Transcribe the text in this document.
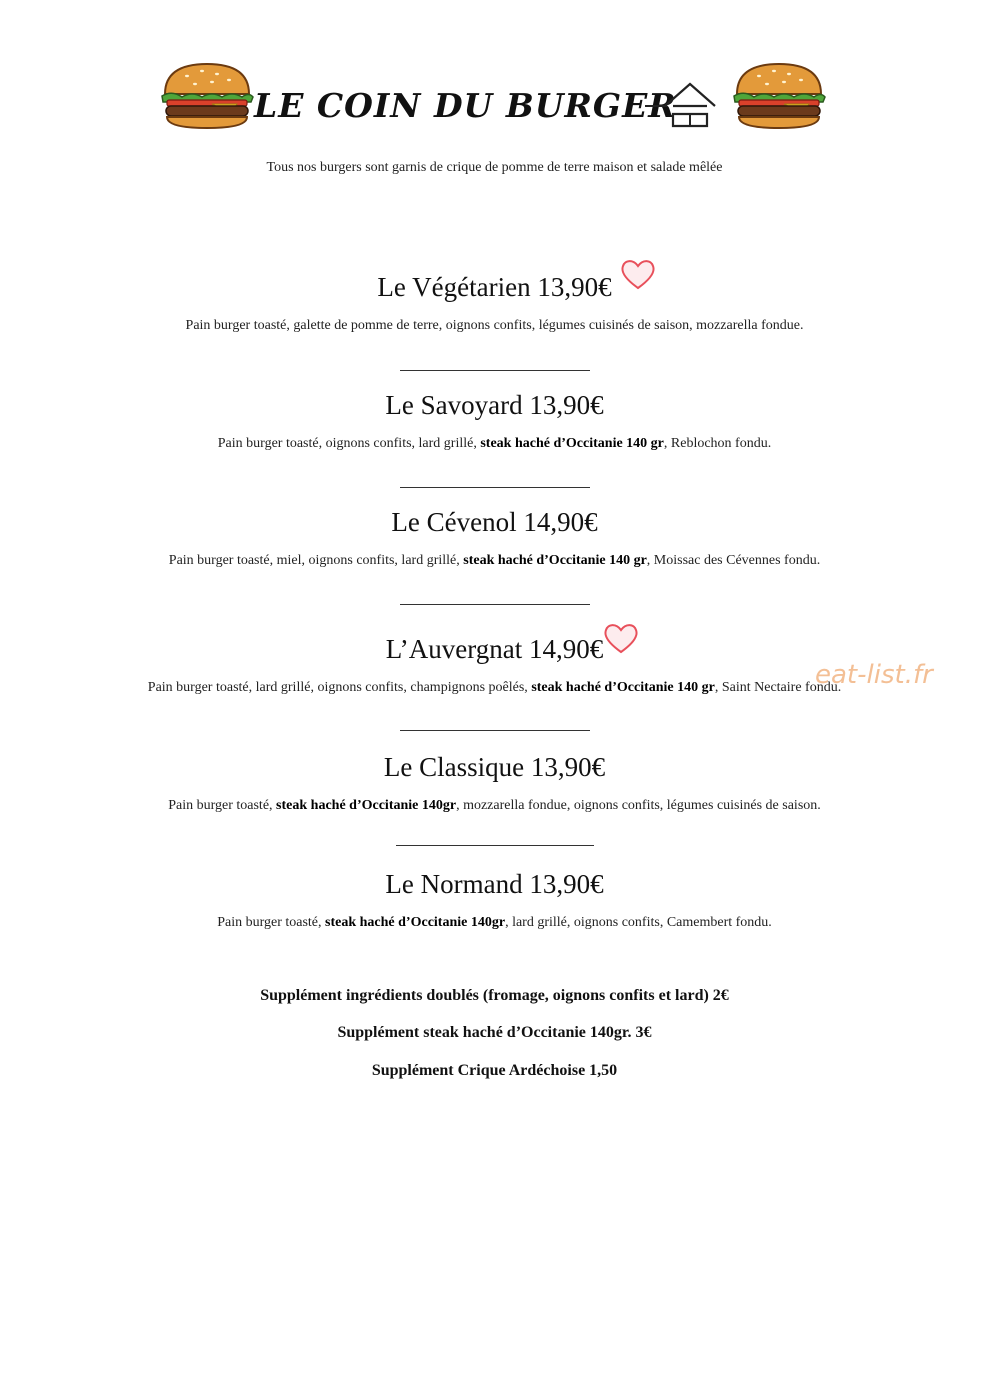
LE COIN DU BURGER
Tous nos burgers sont garnis de crique de pomme de terre maison et salade mêlée
Le Végétarien 13,90€
Pain burger toasté, galette de pomme de terre, oignons confits, légumes cuisinés de saison, mozzarella fondue.
Le Savoyard 13,90€
Pain burger toasté, oignons confits, lard grillé, steak haché d’Occitanie 140 gr, Reblochon fondu.
Le Cévenol 14,90€
Pain burger toasté, miel, oignons confits, lard grillé, steak haché d’Occitanie 140 gr, Moissac des Cévennes fondu.
L’Auvergnat 14,90€
Pain burger toasté, lard grillé, oignons confits, champignons poêlés, steak haché d’Occitanie 140 gr, Saint Nectaire fondu.
Le Classique 13,90€
Pain burger toasté, steak haché d’Occitanie 140gr, mozzarella fondue, oignons confits, légumes cuisinés de saison.
Le Normand 13,90€
Pain burger toasté, steak haché d’Occitanie 140gr, lard grillé, oignons confits, Camembert fondu.
eat-list.fr
Supplément ingrédients doublés (fromage, oignons confits et lard) 2€
Supplément steak haché d’Occitanie 140gr. 3€
Supplément Crique Ardéchoise 1,50
